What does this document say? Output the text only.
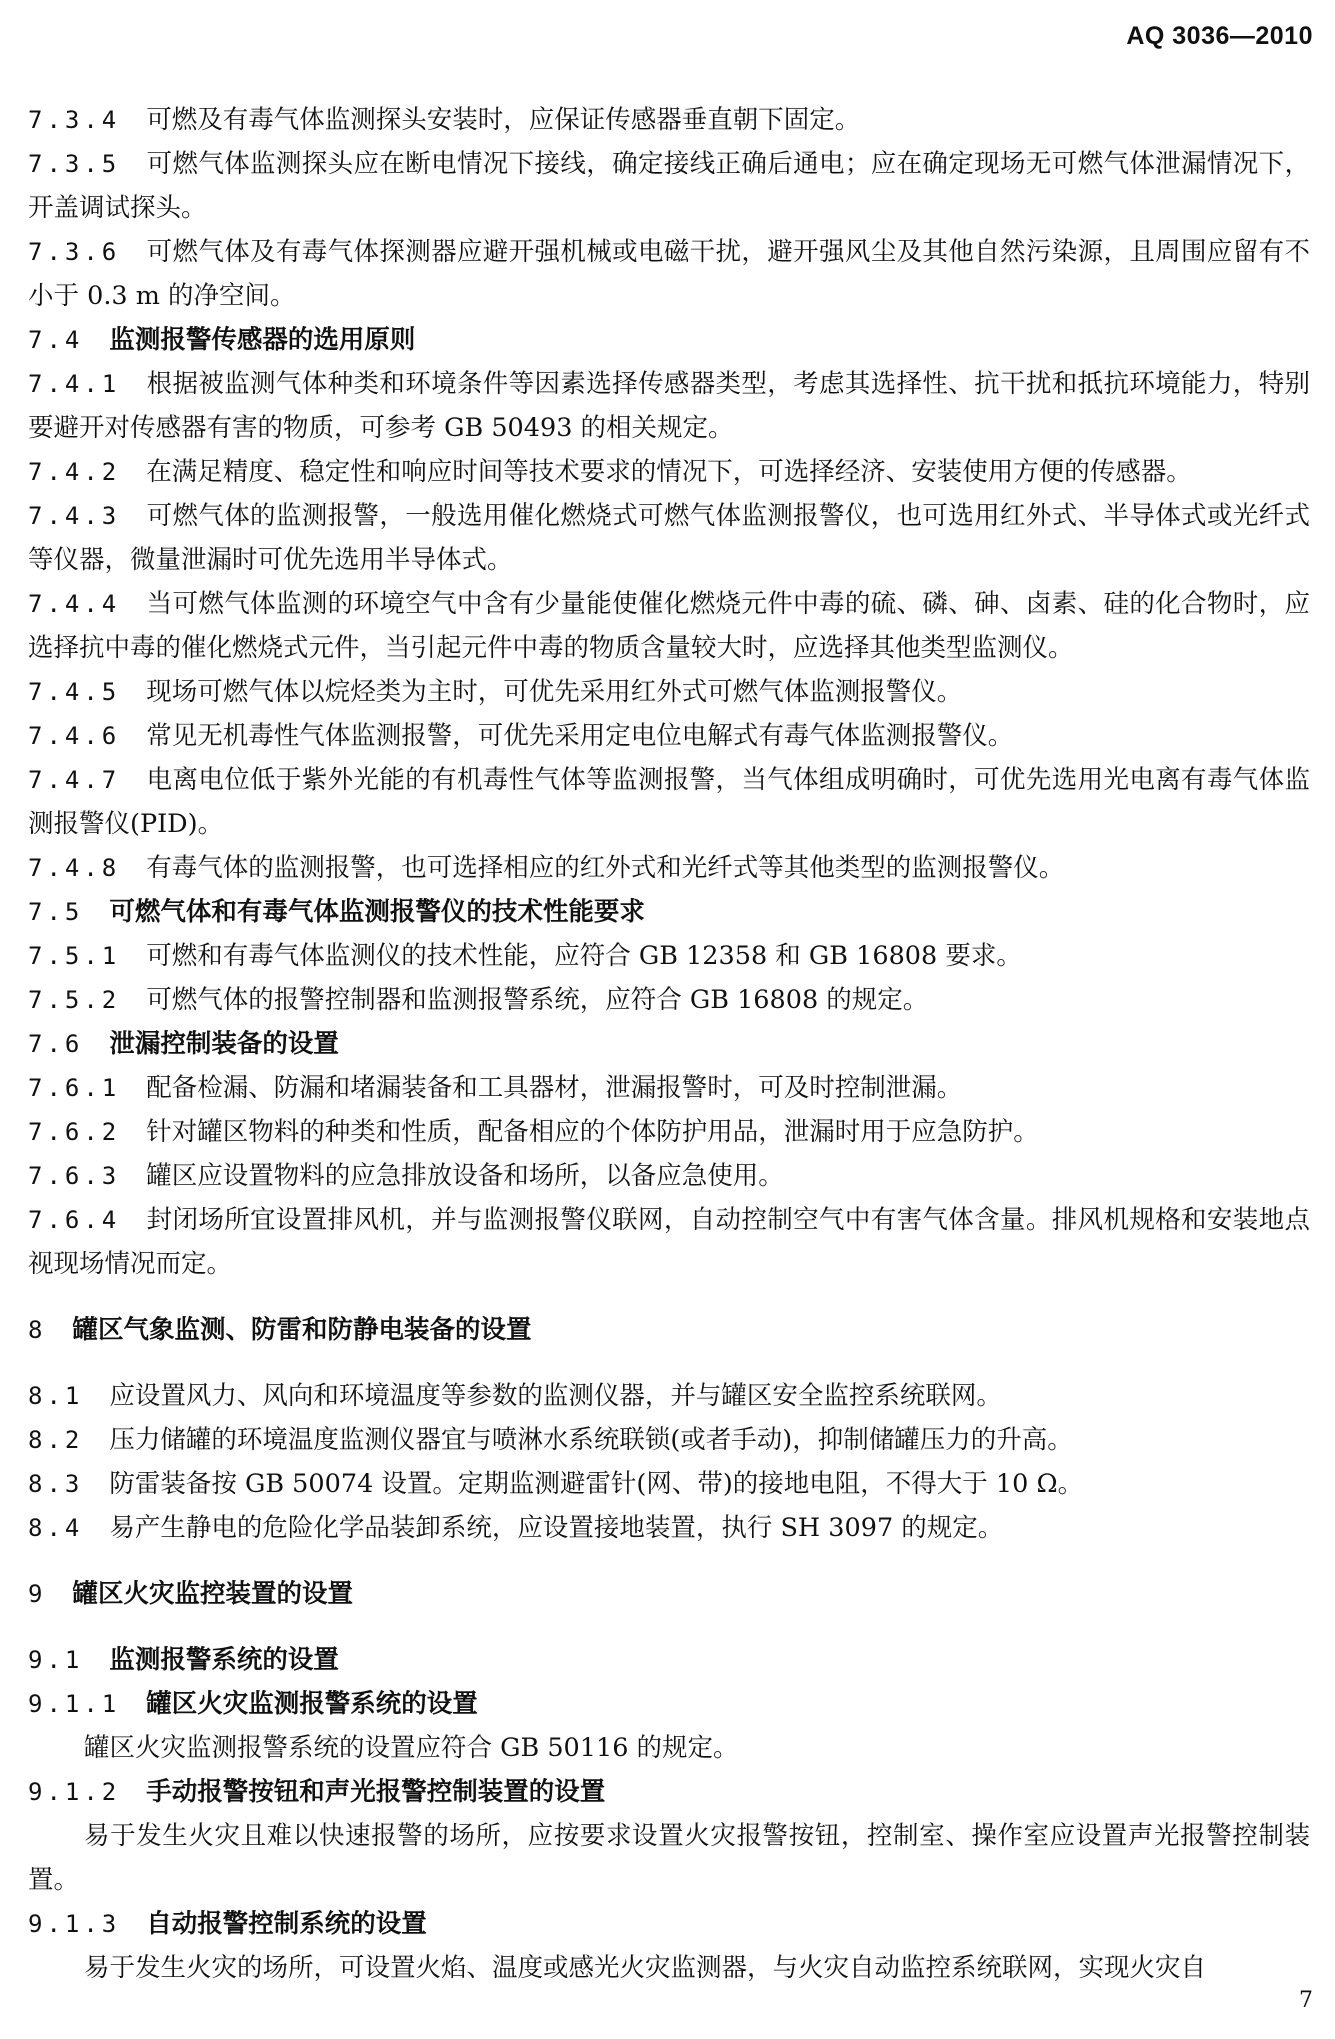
AQ 3036—2010

7.3.4 可燃及有毒气体监测探头安装时，应保证传感器垂直朝下固定。

7.3.5 可燃气体监测探头应在断电情况下接线，确定接线正确后通电；应在确定现场无可燃气体泄漏情况下，开盖调试探头。

7.3.6 可燃气体及有毒气体探测器应避开强机械或电磁干扰，避开强风尘及其他自然污染源，且周围应留有不小于 0.3 m 的净空间。

7.4 监测报警传感器的选用原则

7.4.1 根据被监测气体种类和环境条件等因素选择传感器类型，考虑其选择性、抗干扰和抵抗环境能力，特别要避开对传感器有害的物质，可参考 GB 50493 的相关规定。

7.4.2 在满足精度、稳定性和响应时间等技术要求的情况下，可选择经济、安装使用方便的传感器。

7.4.3 可燃气体的监测报警，一般选用催化燃烧式可燃气体监测报警仪，也可选用红外式、半导体式或光纤式等仪器，微量泄漏时可优先选用半导体式。

7.4.4 当可燃气体监测的环境空气中含有少量能使催化燃烧元件中毒的硫、磷、砷、卤素、硅的化合物时，应选择抗中毒的催化燃烧式元件，当引起元件中毒的物质含量较大时，应选择其他类型监测仪。

7.4.5 现场可燃气体以烷烃类为主时，可优先采用红外式可燃气体监测报警仪。

7.4.6 常见无机毒性气体监测报警，可优先采用定电位电解式有毒气体监测报警仪。

7.4.7 电离电位低于紫外光能的有机毒性气体等监测报警，当气体组成明确时，可优先选用光电离有毒气体监测报警仪(PID)。

7.4.8 有毒气体的监测报警，也可选择相应的红外式和光纤式等其他类型的监测报警仪。

7.5 可燃气体和有毒气体监测报警仪的技术性能要求

7.5.1 可燃和有毒气体监测仪的技术性能，应符合 GB 12358 和 GB 16808 要求。

7.5.2 可燃气体的报警控制器和监测报警系统，应符合 GB 16808 的规定。

7.6 泄漏控制装备的设置

7.6.1 配备检漏、防漏和堵漏装备和工具器材，泄漏报警时，可及时控制泄漏。

7.6.2 针对罐区物料的种类和性质，配备相应的个体防护用品，泄漏时用于应急防护。

7.6.3 罐区应设置物料的应急排放设备和场所，以备应急使用。

7.6.4 封闭场所宜设置排风机，并与监测报警仪联网，自动控制空气中有害气体含量。排风机规格和安装地点视现场情况而定。

8 罐区气象监测、防雷和防静电装备的设置

8.1 应设置风力、风向和环境温度等参数的监测仪器，并与罐区安全监控系统联网。

8.2 压力储罐的环境温度监测仪器宜与喷淋水系统联锁(或者手动)，抑制储罐压力的升高。

8.3 防雷装备按 GB 50074 设置。定期监测避雷针(网、带)的接地电阻，不得大于 10 Ω。

8.4 易产生静电的危险化学品装卸系统，应设置接地装置，执行 SH 3097 的规定。

9 罐区火灾监控装置的设置

9.1 监测报警系统的设置

9.1.1 罐区火灾监测报警系统的设置

罐区火灾监测报警系统的设置应符合 GB 50116 的规定。

9.1.2 手动报警按钮和声光报警控制装置的设置

易于发生火灾且难以快速报警的场所，应按要求设置火灾报警按钮，控制室、操作室应设置声光报警控制装置。

9.1.3 自动报警控制系统的设置

易于发生火灾的场所，可设置火焰、温度或感光火灾监测器，与火灾自动监控系统联网，实现火灾自

7
